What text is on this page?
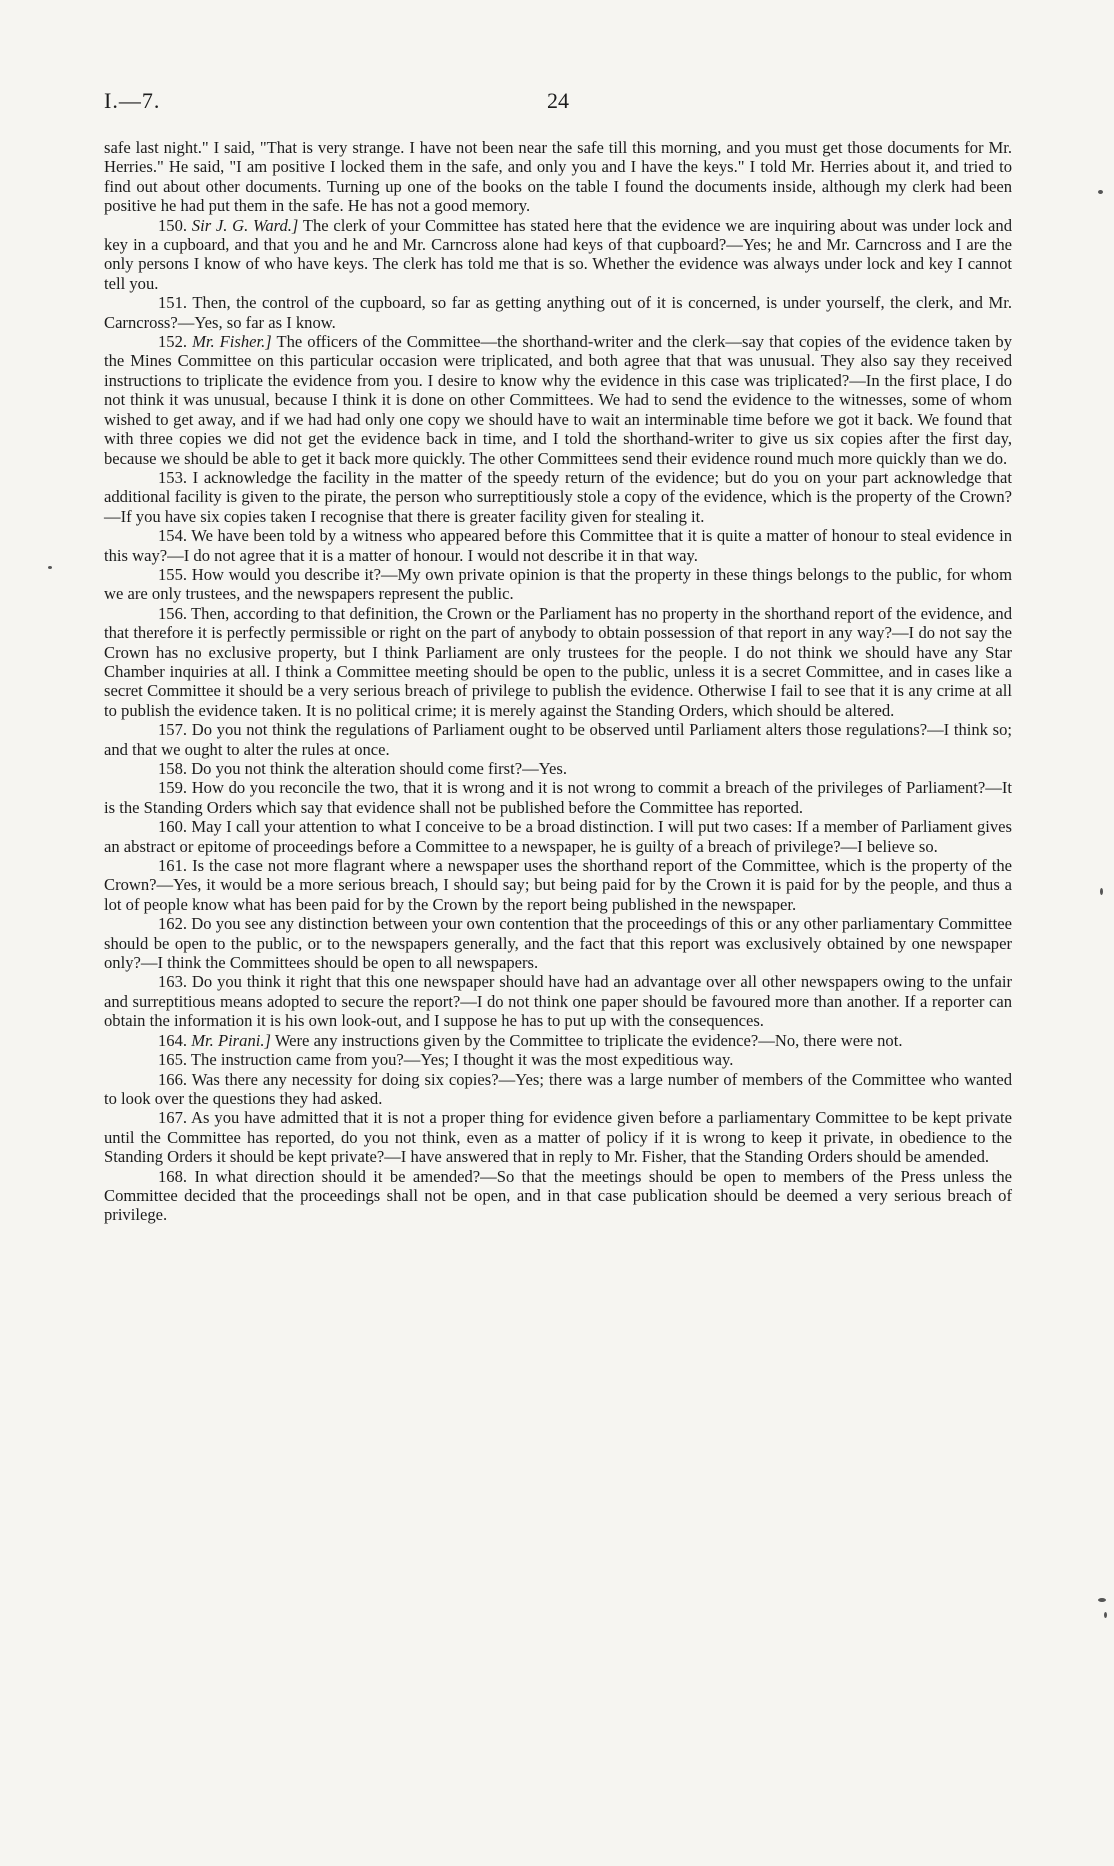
I.—7.	24

safe last night." I said, "That is very strange. I have not been near the safe till this morning, and you must get those documents for Mr. Herries." He said, "I am positive I locked them in the safe, and only you and I have the keys." I told Mr. Herries about it, and tried to find out about other documents. Turning up one of the books on the table I found the documents inside, although my clerk had been positive he had put them in the safe. He has not a good memory.

150. Sir J. G. Ward.] The clerk of your Committee has stated here that the evidence we are inquiring about was under lock and key in a cupboard, and that you and he and Mr. Carncross alone had keys of that cupboard?—Yes; he and Mr. Carncross and I are the only persons I know of who have keys. The clerk has told me that is so. Whether the evidence was always under lock and key I cannot tell you.

151. Then, the control of the cupboard, so far as getting anything out of it is concerned, is under yourself, the clerk, and Mr. Carncross?—Yes, so far as I know.

152. Mr. Fisher.] The officers of the Committee—the shorthand-writer and the clerk—say that copies of the evidence taken by the Mines Committee on this particular occasion were triplicated, and both agree that that was unusual. They also say they received instructions to triplicate the evidence from you. I desire to know why the evidence in this case was triplicated?—In the first place, I do not think it was unusual, because I think it is done on other Committees. We had to send the evidence to the witnesses, some of whom wished to get away, and if we had had only one copy we should have to wait an interminable time before we got it back. We found that with three copies we did not get the evidence back in time, and I told the shorthand-writer to give us six copies after the first day, because we should be able to get it back more quickly. The other Committees send their evidence round much more quickly than we do.

153. I acknowledge the facility in the matter of the speedy return of the evidence; but do you on your part acknowledge that additional facility is given to the pirate, the person who surreptitiously stole a copy of the evidence, which is the property of the Crown?—If you have six copies taken I recognise that there is greater facility given for stealing it.

154. We have been told by a witness who appeared before this Committee that it is quite a matter of honour to steal evidence in this way?—I do not agree that it is a matter of honour. I would not describe it in that way.

155. How would you describe it?—My own private opinion is that the property in these things belongs to the public, for whom we are only trustees, and the newspapers represent the public.

156. Then, according to that definition, the Crown or the Parliament has no property in the shorthand report of the evidence, and that therefore it is perfectly permissible or right on the part of anybody to obtain possession of that report in any way?—I do not say the Crown has no exclusive property, but I think Parliament are only trustees for the people. I do not think we should have any Star Chamber inquiries at all. I think a Committee meeting should be open to the public, unless it is a secret Committee, and in cases like a secret Committee it should be a very serious breach of privilege to publish the evidence. Otherwise I fail to see that it is any crime at all to publish the evidence taken. It is no political crime; it is merely against the Standing Orders, which should be altered.

157. Do you not think the regulations of Parliament ought to be observed until Parliament alters those regulations?—I think so; and that we ought to alter the rules at once.

158. Do you not think the alteration should come first?—Yes.

159. How do you reconcile the two, that it is wrong and it is not wrong to commit a breach of the privileges of Parliament?—It is the Standing Orders which say that evidence shall not be published before the Committee has reported.

160. May I call your attention to what I conceive to be a broad distinction. I will put two cases: If a member of Parliament gives an abstract or epitome of proceedings before a Committee to a newspaper, he is guilty of a breach of privilege?—I believe so.

161. Is the case not more flagrant where a newspaper uses the shorthand report of the Committee, which is the property of the Crown?—Yes, it would be a more serious breach, I should say; but being paid for by the Crown it is paid for by the people, and thus a lot of people know what has been paid for by the Crown by the report being published in the newspaper.

162. Do you see any distinction between your own contention that the proceedings of this or any other parliamentary Committee should be open to the public, or to the newspapers generally, and the fact that this report was exclusively obtained by one newspaper only?—I think the Committees should be open to all newspapers.

163. Do you think it right that this one newspaper should have had an advantage over all other newspapers owing to the unfair and surreptitious means adopted to secure the report?—I do not think one paper should be favoured more than another. If a reporter can obtain the information it is his own look-out, and I suppose he has to put up with the consequences.

164. Mr. Pirani.] Were any instructions given by the Committee to triplicate the evidence?—No, there were not.

165. The instruction came from you?—Yes; I thought it was the most expeditious way.

166. Was there any necessity for doing six copies?—Yes; there was a large number of members of the Committee who wanted to look over the questions they had asked.

167. As you have admitted that it is not a proper thing for evidence given before a parliamentary Committee to be kept private until the Committee has reported, do you not think, even as a matter of policy if it is wrong to keep it private, in obedience to the Standing Orders it should be kept private?—I have answered that in reply to Mr. Fisher, that the Standing Orders should be amended.

168. In what direction should it be amended?—So that the meetings should be open to members of the Press unless the Committee decided that the proceedings shall not be open, and in that case publication should be deemed a very serious breach of privilege.
